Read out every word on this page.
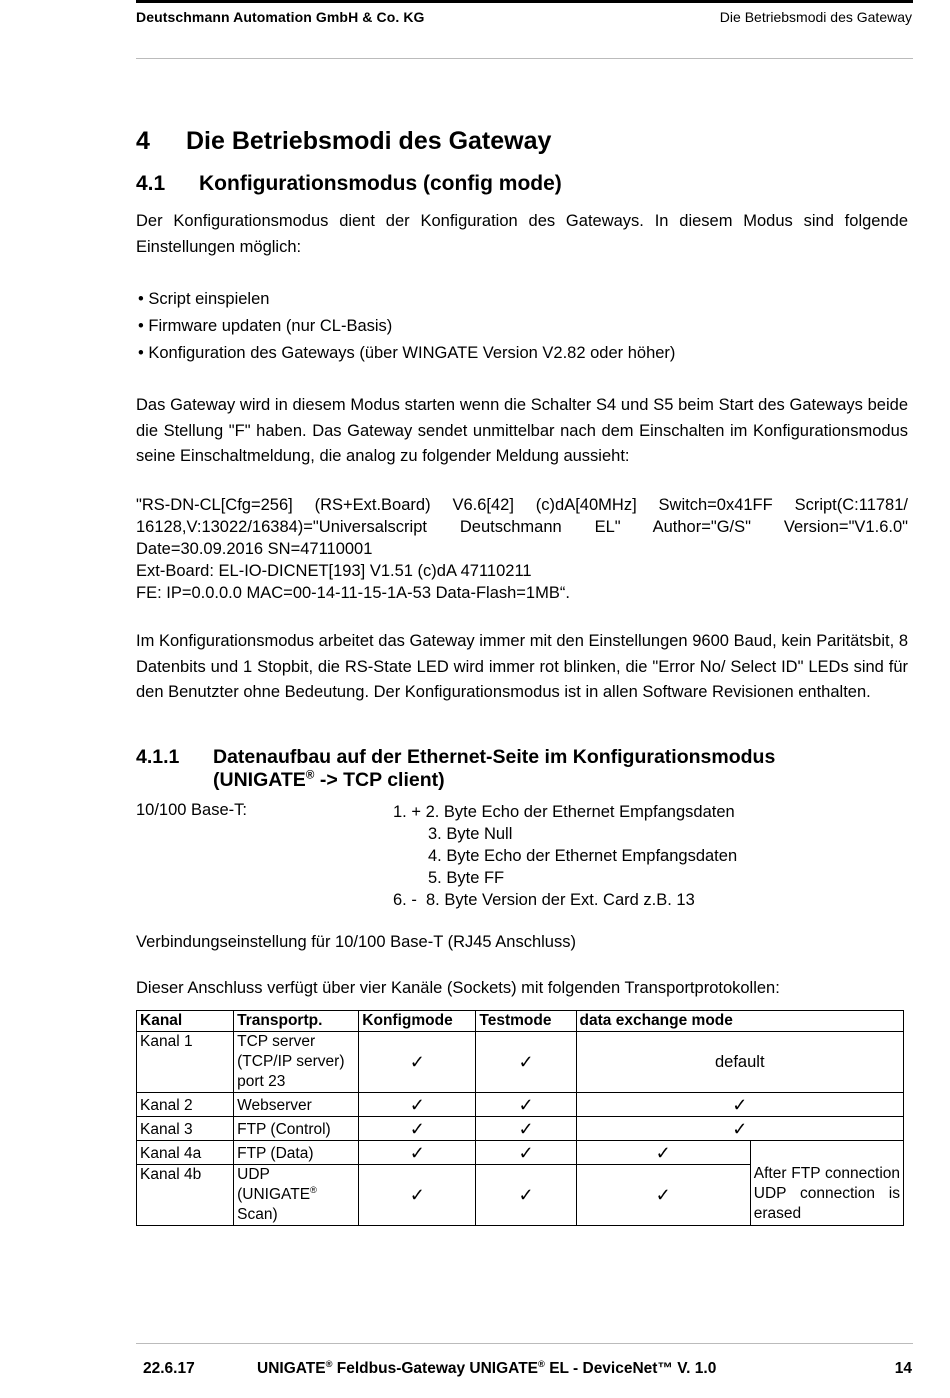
Deutschmann Automation GmbH & Co. KG	Die Betriebsmodi des Gateway
4 Die Betriebsmodi des Gateway
4.1 Konfigurationsmodus (config mode)
Der Konfigurationsmodus dient der Konfiguration des Gateways. In diesem Modus sind folgende Einstellungen möglich:
• Script einspielen
• Firmware updaten (nur CL-Basis)
• Konfiguration des Gateways (über WINGATE Version V2.82 oder höher)
Das Gateway wird in diesem Modus starten wenn die Schalter S4 und S5 beim Start des Gateways beide die Stellung "F" haben. Das Gateway sendet unmittelbar nach dem Einschalten im Konfigurationsmodus seine Einschaltmeldung, die analog zu folgender Meldung aussieht:
"RS-DN-CL[Cfg=256] (RS+Ext.Board) V6.6[42] (c)dA[40MHz] Switch=0x41FF Script(C:11781/ 16128,V:13022/16384)="Universalscript Deutschmann EL" Author="G/S" Version="V1.6.0" Date=30.09.2016 SN=47110001
Ext-Board: EL-IO-DICNET[193] V1.51 (c)dA 47110211
FE: IP=0.0.0.0 MAC=00-14-11-15-1A-53 Data-Flash=1MB“.
Im Konfigurationsmodus arbeitet das Gateway immer mit den Einstellungen 9600 Baud, kein Paritätsbit, 8 Datenbits und 1 Stopbit, die RS-State LED wird immer rot blinken, die "Error No/ Select ID" LEDs sind für den Benutzter ohne Bedeutung. Der Konfigurationsmodus ist in allen Software Revisionen enthalten.
4.1.1 Datenaufbau auf der Ethernet-Seite im Konfigurationsmodus
(UNIGATE® -> TCP client)
10/100 Base-T:	1. + 2. Byte Echo der Ethernet Empfangsdaten
3. Byte Null
4. Byte Echo der Ethernet Empfangsdaten
5. Byte FF
6. -  8. Byte Version der Ext. Card z.B. 13
Verbindungseinstellung für 10/100 Base-T (RJ45 Anschluss)
Dieser Anschluss verfügt über vier Kanäle (Sockets) mit folgenden Transportprotokollen:
Kanal	Transportp.	Konfigmode	Testmode	data exchange mode	
Kanal 1	TCP server
(TCP/IP server)
port 23	✓	✓	default	
Kanal 2	Webserver	✓	✓	✓	
Kanal 3	FTP (Control)	✓	✓	✓	
Kanal 4a	FTP (Data)	✓	✓	✓	After FTP connection UDP connection is erased
Kanal 4b	UDP
(UNIGATE®
Scan)	✓	✓	✓	
22.6.17	UNIGATE® Feldbus-Gateway UNIGATE® EL - DeviceNet™ V. 1.0	14
